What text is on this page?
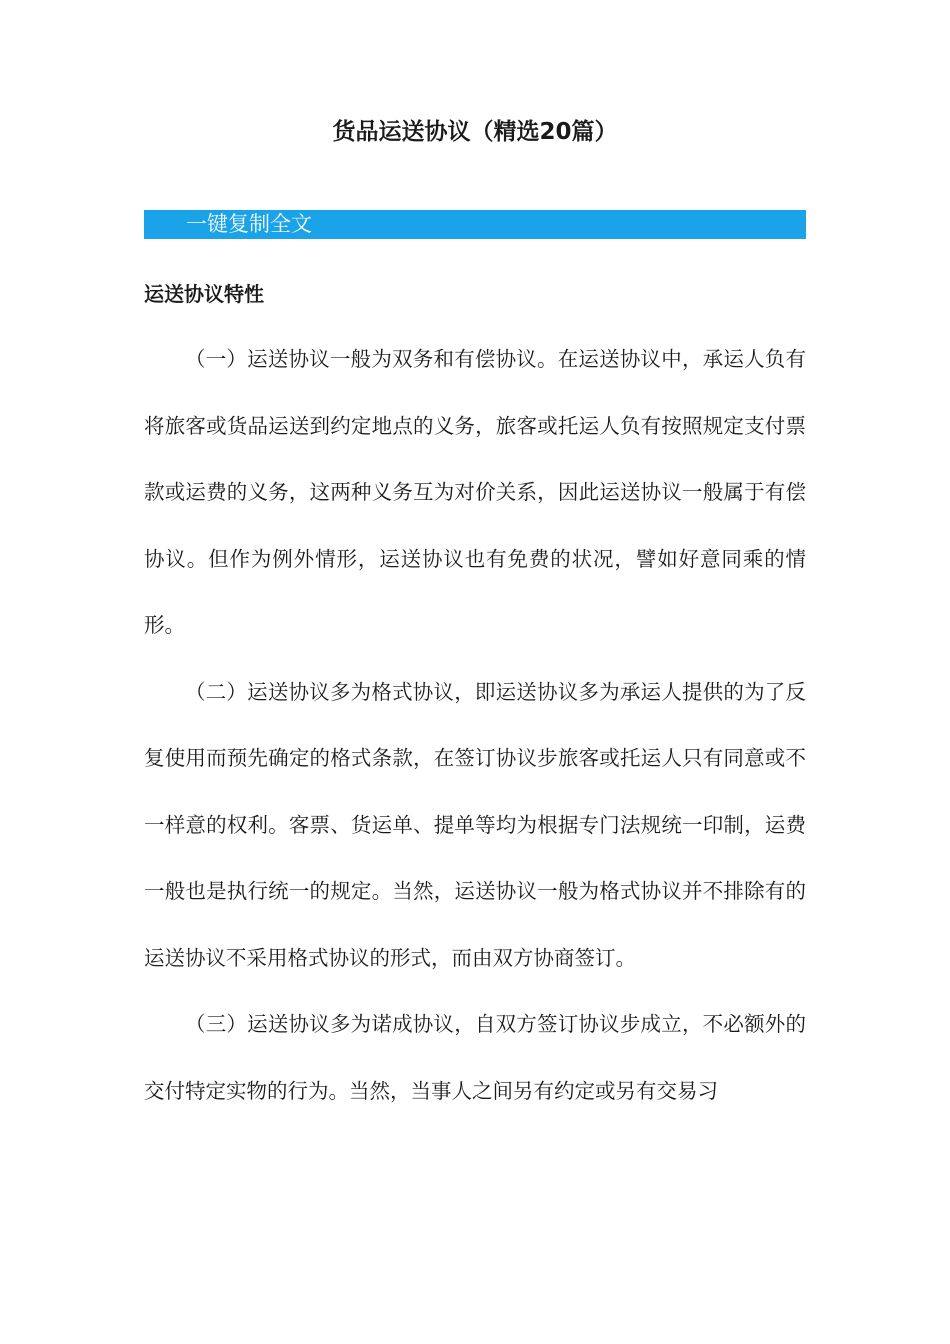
货品运送协议（精选20篇）
一键复制全文
运送协议特性

（一）运送协议一般为双务和有偿协议。在运送协议中，承运人负有将旅客或货品运送到约定地点的义务，旅客或托运人负有按照规定支付票款或运费的义务，这两种义务互为对价关系，因此运送协议一般属于有偿协议。但作为例外情形，运送协议也有免费的状况，譬如好意同乘的情形。

（二）运送协议多为格式协议，即运送协议多为承运人提供的为了反复使用而预先确定的格式条款，在签订协议步旅客或托运人只有同意或不一样意的权利。客票、货运单、提单等均为根据专门法规统一印制，运费一般也是执行统一的规定。当然，运送协议一般为格式协议并不排除有的运送协议不采用格式协议的形式，而由双方协商签订。

（三）运送协议多为诺成协议，自双方签订协议步成立，不必额外的交付特定实物的行为。当然，当事人之间另有约定或另有交易习
